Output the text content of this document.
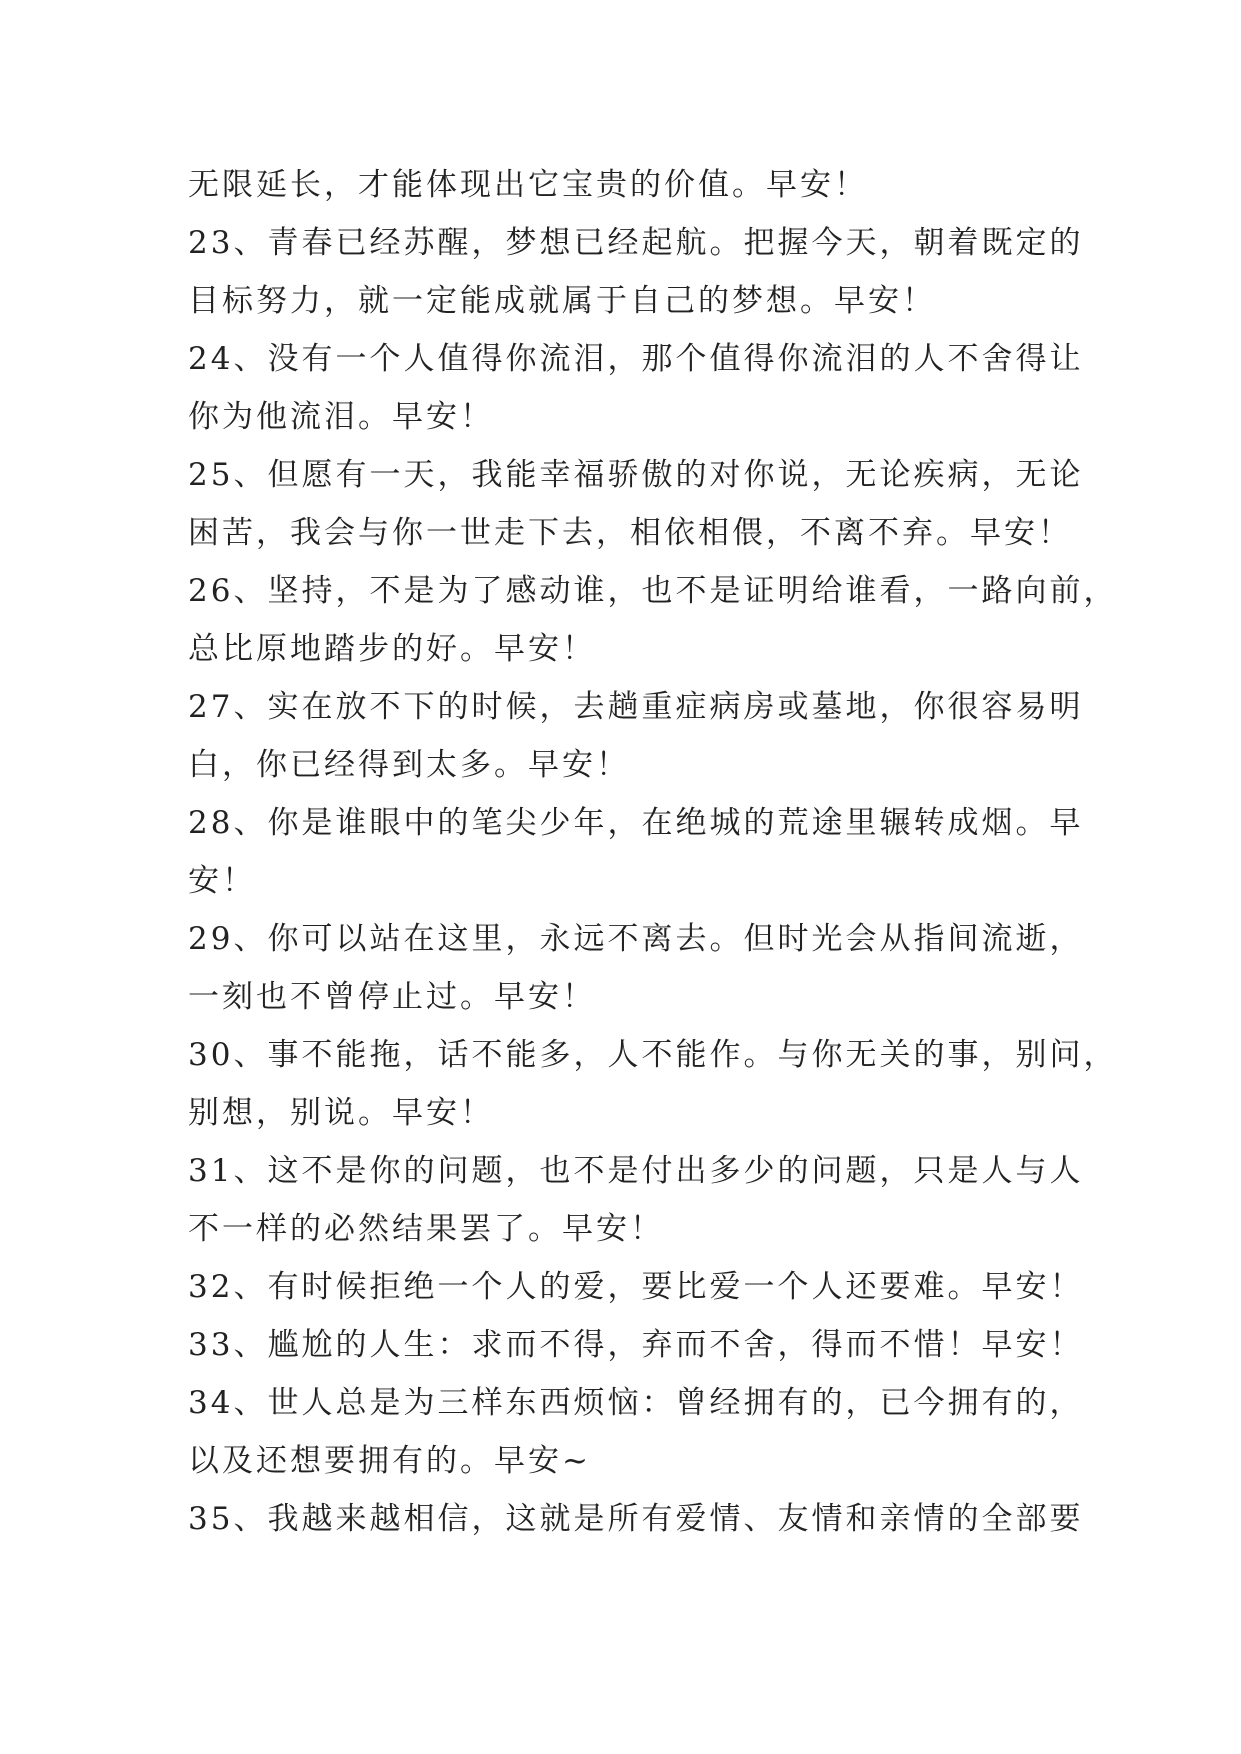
无限延长，才能体现出它宝贵的价值。早安！
23、青春已经苏醒，梦想已经起航。把握今天，朝着既定的
目标努力，就一定能成就属于自己的梦想。早安！
24、没有一个人值得你流泪，那个值得你流泪的人不舍得让
你为他流泪。早安！
25、但愿有一天，我能幸福骄傲的对你说，无论疾病，无论
困苦，我会与你一世走下去，相依相偎，不离不弃。早安！
26、坚持，不是为了感动谁，也不是证明给谁看，一路向前，
总比原地踏步的好。早安！
27、实在放不下的时候，去趟重症病房或墓地，你很容易明
白，你已经得到太多。早安！
28、你是谁眼中的笔尖少年，在绝城的荒途里辗转成烟。早
安！
29、你可以站在这里，永远不离去。但时光会从指间流逝，
一刻也不曾停止过。早安！
30、事不能拖，话不能多，人不能作。与你无关的事，别问，
别想，别说。早安！
31、这不是你的问题，也不是付出多少的问题，只是人与人
不一样的必然结果罢了。早安！
32、有时候拒绝一个人的爱，要比爱一个人还要难。早安！
33、尴尬的人生：求而不得，弃而不舍，得而不惜！早安！
34、世人总是为三样东西烦恼：曾经拥有的，已今拥有的，
以及还想要拥有的。早安~
35、我越来越相信，这就是所有爱情、友情和亲情的全部要
